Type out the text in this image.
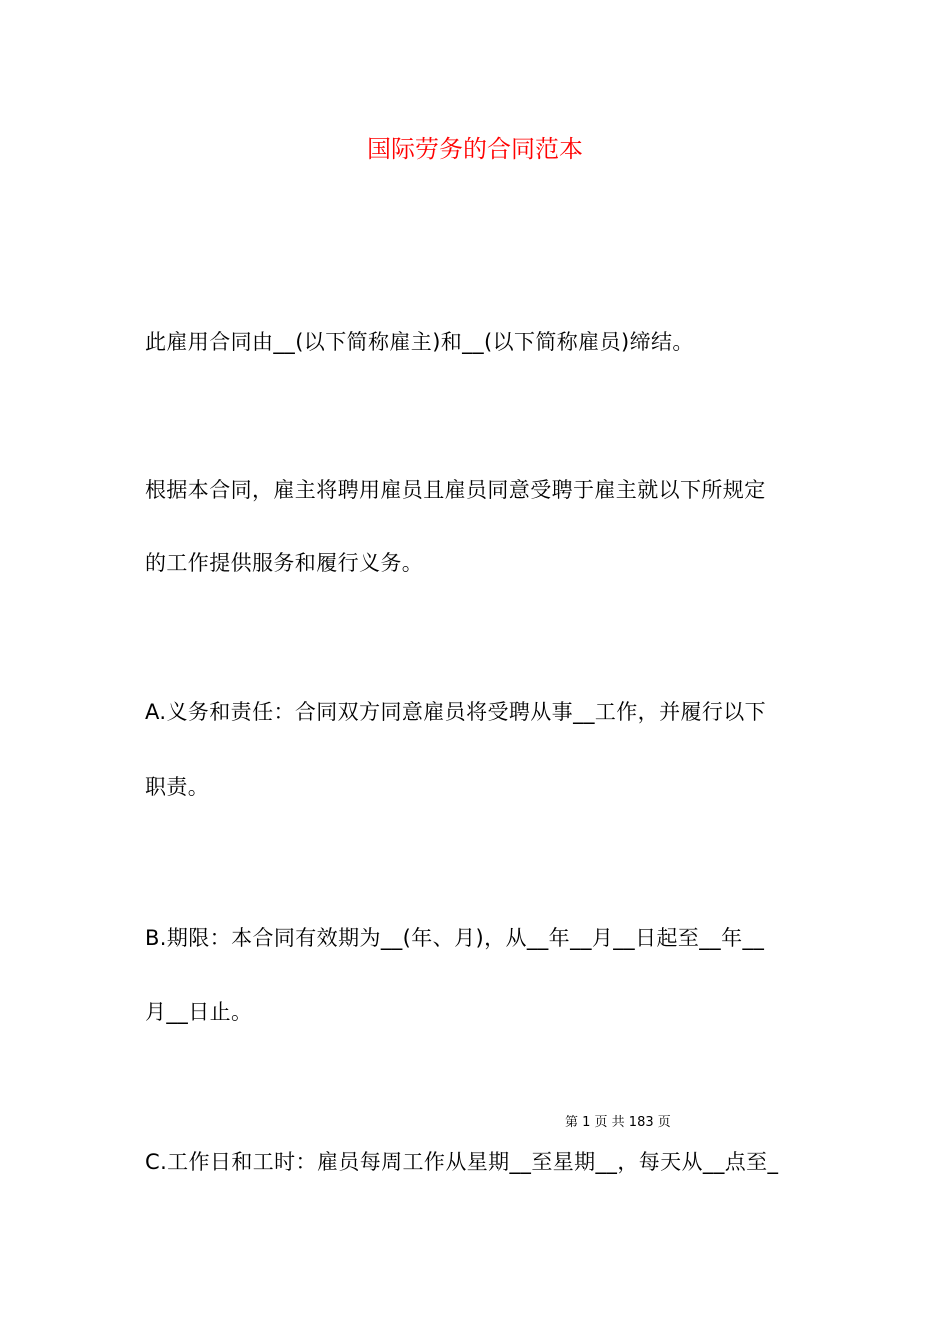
国际劳务的合同范本
此雇用合同由__(以下简称雇主)和__(以下简称雇员)缔结。
根据本合同，雇主将聘用雇员且雇员同意受聘于雇主就以下所规定
的工作提供服务和履行义务。
A.义务和责任：合同双方同意雇员将受聘从事__工作，并履行以下
职责。
B.期限：本合同有效期为__(年、月)，从__年__月__日起至__年__
月__日止。
第 1 页 共 183 页
C.工作日和工时：雇员每周工作从星期__至星期__，每天从__点至_
